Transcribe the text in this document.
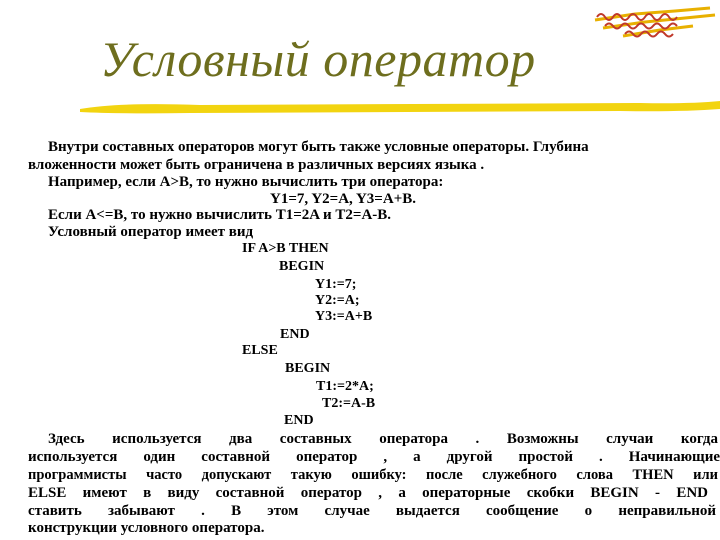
Условный оператор
Внутри составных операторов могут быть также условные операторы. Глубина
вложенности может быть ограничена в различных версиях языка .
Например, если A>B, то нужно вычислить три оператора:
Y1=7, Y2=A, Y3=A+B.
Если A<=B, то нужно вычислить T1=2A и T2=A-B.
Условный оператор имеет вид
IF A>B THEN
BEGIN
Y1:=7;
Y2:=A;
Y3:=A+B
END
ELSE
BEGIN
T1:=2*A;
T2:=A-B
END
Здесь используется два составных оператора . Возможны случаи когда
используется один составной оператор , а другой простой . Начинающие
программисты часто допускают такую ошибку: после служебного слова THEN или
ELSE имеют в виду составной оператор , а операторные скобки BEGIN - END
ставить забывают . В этом случае выдается сообщение о неправильной
конструкции условного оператора.
